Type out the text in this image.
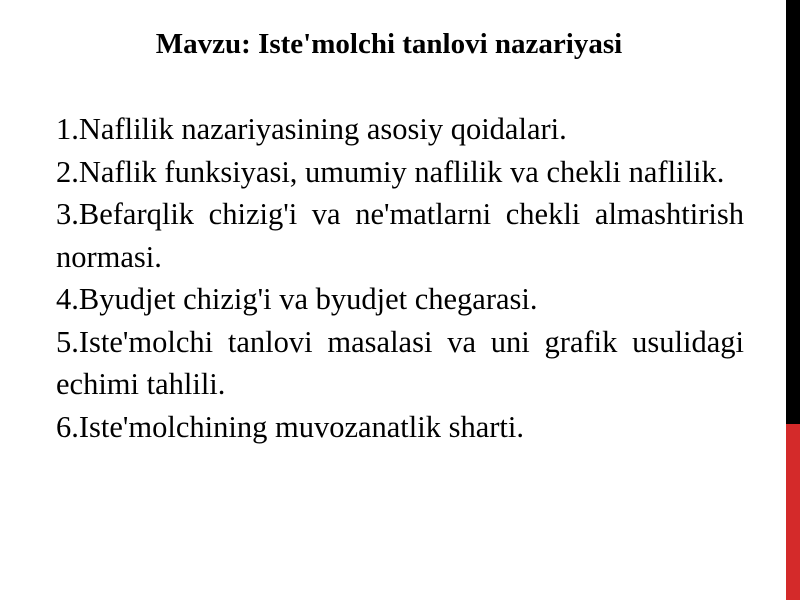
Mavzu: Iste'molchi tanlovi nazariyasi
1.Naflilik nazariyasining asosiy qoidalari.
2.Naflik funksiyasi, umumiy naflilik va chekli naflilik.
3.Befarqlik chizig'i va ne'matlarni chekli almashtirish normasi.
4.Byudjet chizig'i va byudjet chegarasi.
5.Iste'molchi tanlovi masalasi va uni grafik usulidagi echimi tahlili.
6.Iste'molchining muvozanatlik sharti.
